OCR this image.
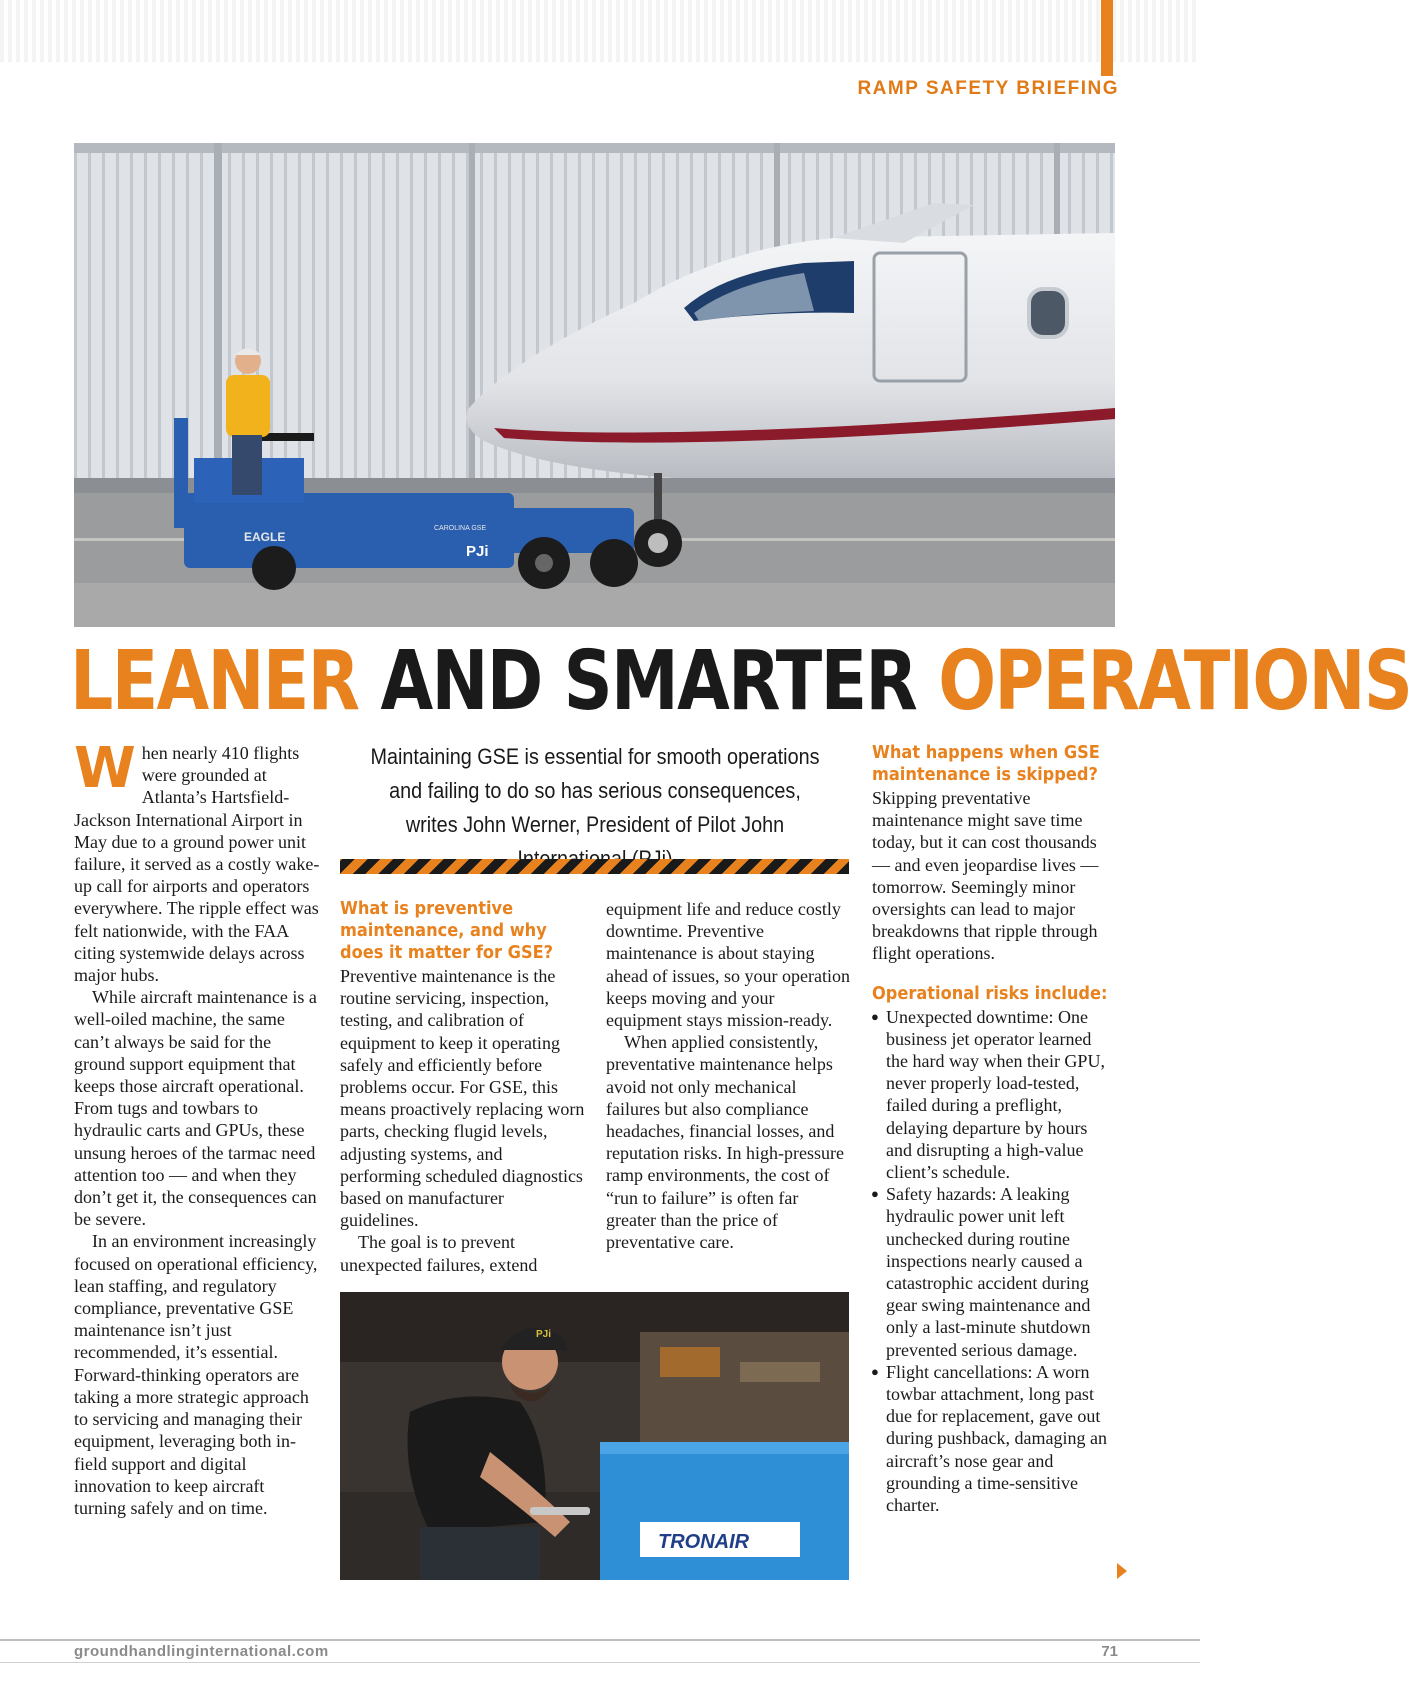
RAMP SAFETY BRIEFING
EAGLE
CAROLINA GSE
PJi
LEANER AND SMARTER OPERATIONS

When nearly 410 flights were grounded at Atlanta’s Hartsfield-Jackson International Airport in May due to a ground power unit failure, it served as a costly wake-up call for airports and operators everywhere. The ripple effect was felt nationwide, with the FAA citing systemwide delays across major hubs.

While aircraft maintenance is a well-oiled machine, the same can’t always be said for the ground support equipment that keeps those aircraft operational. From tugs and towbars to hydraulic carts and GPUs, these unsung heroes of the tarmac need attention too — and when they don’t get it, the consequences can be severe.

In an environment increasingly focused on operational efficiency, lean staffing, and regulatory compliance, preventative GSE maintenance isn’t just recommended, it’s essential. Forward-thinking operators are taking a more strategic approach to servicing and managing their equipment, leveraging both in-field support and digital innovation to keep aircraft turning safely and on time.

Maintaining GSE is essential for smooth operations and failing to do so has serious consequences, writes John Werner, President of Pilot John
What is preventive maintenance, and why does it matter for GSE?

Preventive maintenance is the routine servicing, inspection, testing, and calibration of equipment to keep it operating safely and efficiently before problems occur. For GSE, this means proactively replacing worn parts, checking flugid levels, adjusting systems, and performing scheduled diagnostics based on manufacturer guidelines.

The goal is to prevent unexpected failures, extend

equipment life and reduce costly downtime. Preventive maintenance is about staying ahead of issues, so your operation keeps moving and your equipment stays mission-ready.

When applied consistently, preventative maintenance helps avoid not only mechanical failures but also compliance headaches, financial losses, and reputation risks. In high-pressure ramp environments, the cost of “run to failure” is often far greater than the price of preventative care.

TRONAIR
PJi
What happens when GSE maintenance is skipped?

Skipping preventative maintenance might save time today, but it can cost thousands — and even jeopardise lives — tomorrow. Seemingly minor oversights can lead to major breakdowns that ripple through flight operations.

Operational risks include:
● Unexpected downtime: One business jet operator learned the hard way when their GPU, never properly load-tested, failed during a preflight, delaying departure by hours and disrupting a high-value client’s schedule.
● Safety hazards: A leaking hydraulic power unit left unchecked during routine inspections nearly caused a catastrophic accident during gear swing maintenance and only a last-minute shutdown prevented serious damage.
● Flight cancellations: A worn towbar attachment, long past due for replacement, gave out during pushback, damaging an aircraft’s nose gear and grounding a time-sensitive charter.
groundhandlinginternational.com	71
